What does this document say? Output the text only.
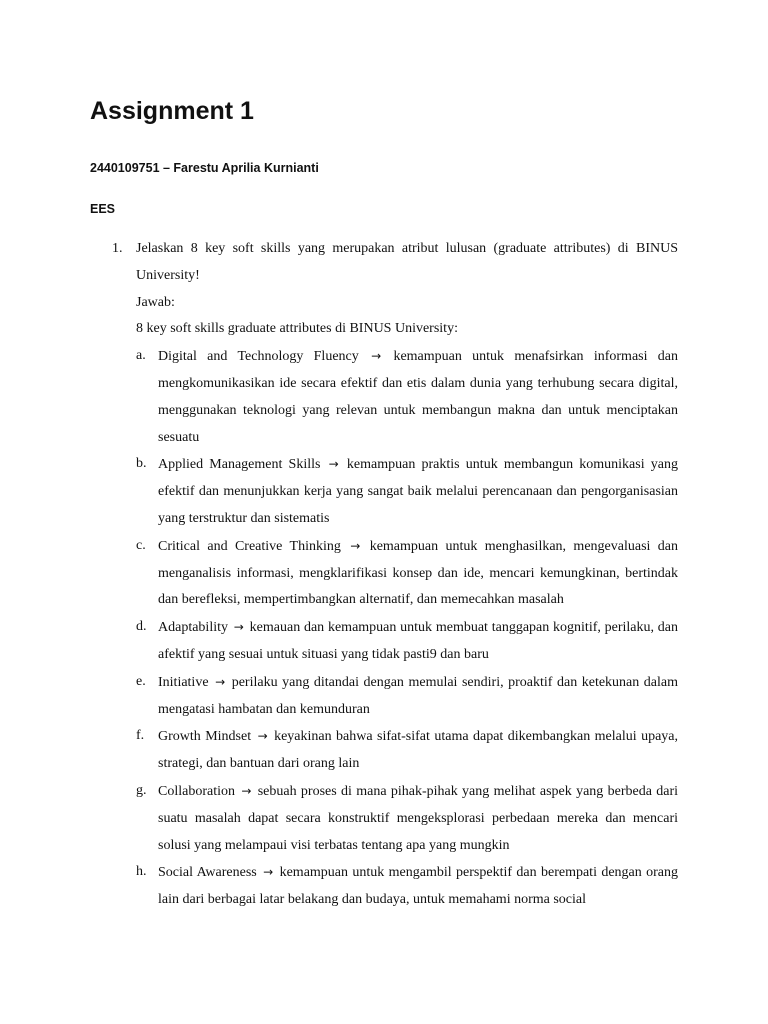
Assignment 1
2440109751 – Farestu Aprilia Kurnianti
EES
1. Jelaskan 8 key soft skills yang merupakan atribut lulusan (graduate attributes) di BINUS University!
Jawab:
8 key soft skills graduate attributes di BINUS University:
a. Digital and Technology Fluency → kemampuan untuk menafsirkan informasi dan mengkomunikasikan ide secara efektif dan etis dalam dunia yang terhubung secara digital, menggunakan teknologi yang relevan untuk membangun makna dan untuk menciptakan sesuatu
b. Applied Management Skills → kemampuan praktis untuk membangun komunikasi yang efektif dan menunjukkan kerja yang sangat baik melalui perencanaan dan pengorganisasian yang terstruktur dan sistematis
c. Critical and Creative Thinking → kemampuan untuk menghasilkan, mengevaluasi dan menganalisis informasi, mengklarifikasi konsep dan ide, mencari kemungkinan, bertindak dan berefleksi, mempertimbangkan alternatif, dan memecahkan masalah
d. Adaptability → kemauan dan kemampuan untuk membuat tanggapan kognitif, perilaku, dan afektif yang sesuai untuk situasi yang tidak pasti9 dan baru
e. Initiative → perilaku yang ditandai dengan memulai sendiri, proaktif dan ketekunan dalam mengatasi hambatan dan kemunduran
f. Growth Mindset → keyakinan bahwa sifat-sifat utama dapat dikembangkan melalui upaya, strategi, dan bantuan dari orang lain
g. Collaboration → sebuah proses di mana pihak-pihak yang melihat aspek yang berbeda dari suatu masalah dapat secara konstruktif mengeksplorasi perbedaan mereka dan mencari solusi yang melampaui visi terbatas tentang apa yang mungkin
h. Social Awareness → kemampuan untuk mengambil perspektif dan berempati dengan orang lain dari berbagai latar belakang dan budaya, untuk memahami norma social
